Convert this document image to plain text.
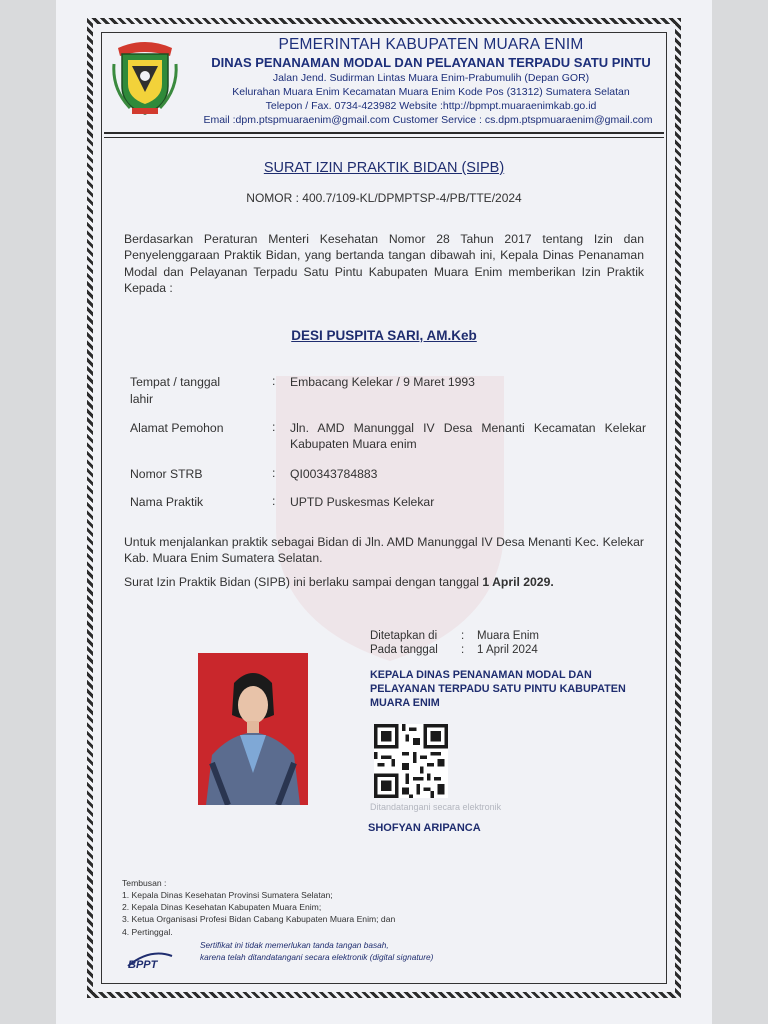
PEMERINTAH KABUPATEN MUARA ENIM
DINAS PENANAMAN MODAL DAN PELAYANAN TERPADU SATU PINTU
Jalan Jend. Sudirman Lintas Muara Enim-Prabumulih (Depan GOR)
Kelurahan Muara Enim Kecamatan Muara Enim Kode Pos (31312) Sumatera Selatan
Telepon / Fax. 0734-423982 Website :http://bpmpt.muaraenimkab.go.id
Email :dpm.ptspmuaraenim@gmail.com Customer Service : cs.dpm.ptspmuaraenim@gmail.com
SURAT IZIN PRAKTIK BIDAN (SIPB)
NOMOR : 400.7/109-KL/DPMPTSP-4/PB/TTE/2024
Berdasarkan Peraturan Menteri Kesehatan Nomor 28 Tahun 2017 tentang Izin dan Penyelenggaraan Praktik Bidan, yang bertanda tangan dibawah ini, Kepala Dinas Penanaman Modal dan Pelayanan Terpadu Satu Pintu Kabupaten Muara Enim memberikan Izin Praktik Kepada :
DESI PUSPITA SARI, AM.Keb
Tempat / tanggal lahir
: Embacang Kelekar / 9 Maret 1993
Alamat Pemohon	: Jln. AMD Manunggal IV Desa Menanti Kecamatan Kelekar Kabupaten Muara enim
Nomor STRB	: QI00343784883
Nama Praktik	: UPTD Puskesmas Kelekar
Untuk menjalankan praktik sebagai Bidan di Jln. AMD Manunggal IV Desa Menanti Kec. Kelekar Kab. Muara Enim Sumatera Selatan.
Surat Izin Praktik Bidan (SIPB) ini berlaku sampai dengan tanggal 1 April 2029.
Ditetapkan di : Muara Enim
Pada tanggal : 1 April 2024
KEPALA DINAS PENANAMAN MODAL DAN PELAYANAN TERPADU SATU PINTU KABUPATEN MUARA ENIM
Ditandatangani secara elektronik
SHOFYAN ARIPANCA
Tembusan :
1. Kepala Dinas Kesehatan Provinsi Sumatera Selatan;
2. Kepala Dinas Kesehatan Kabupaten Muara Enim;
3. Ketua Organisasi Profesi Bidan Cabang Kabupaten Muara Enim; dan
4. Pertinggal.
BPPT
Sertifikat ini tidak memerlukan tanda tangan basah,
karena telah ditandatangani secara elektronik (digital signature)
